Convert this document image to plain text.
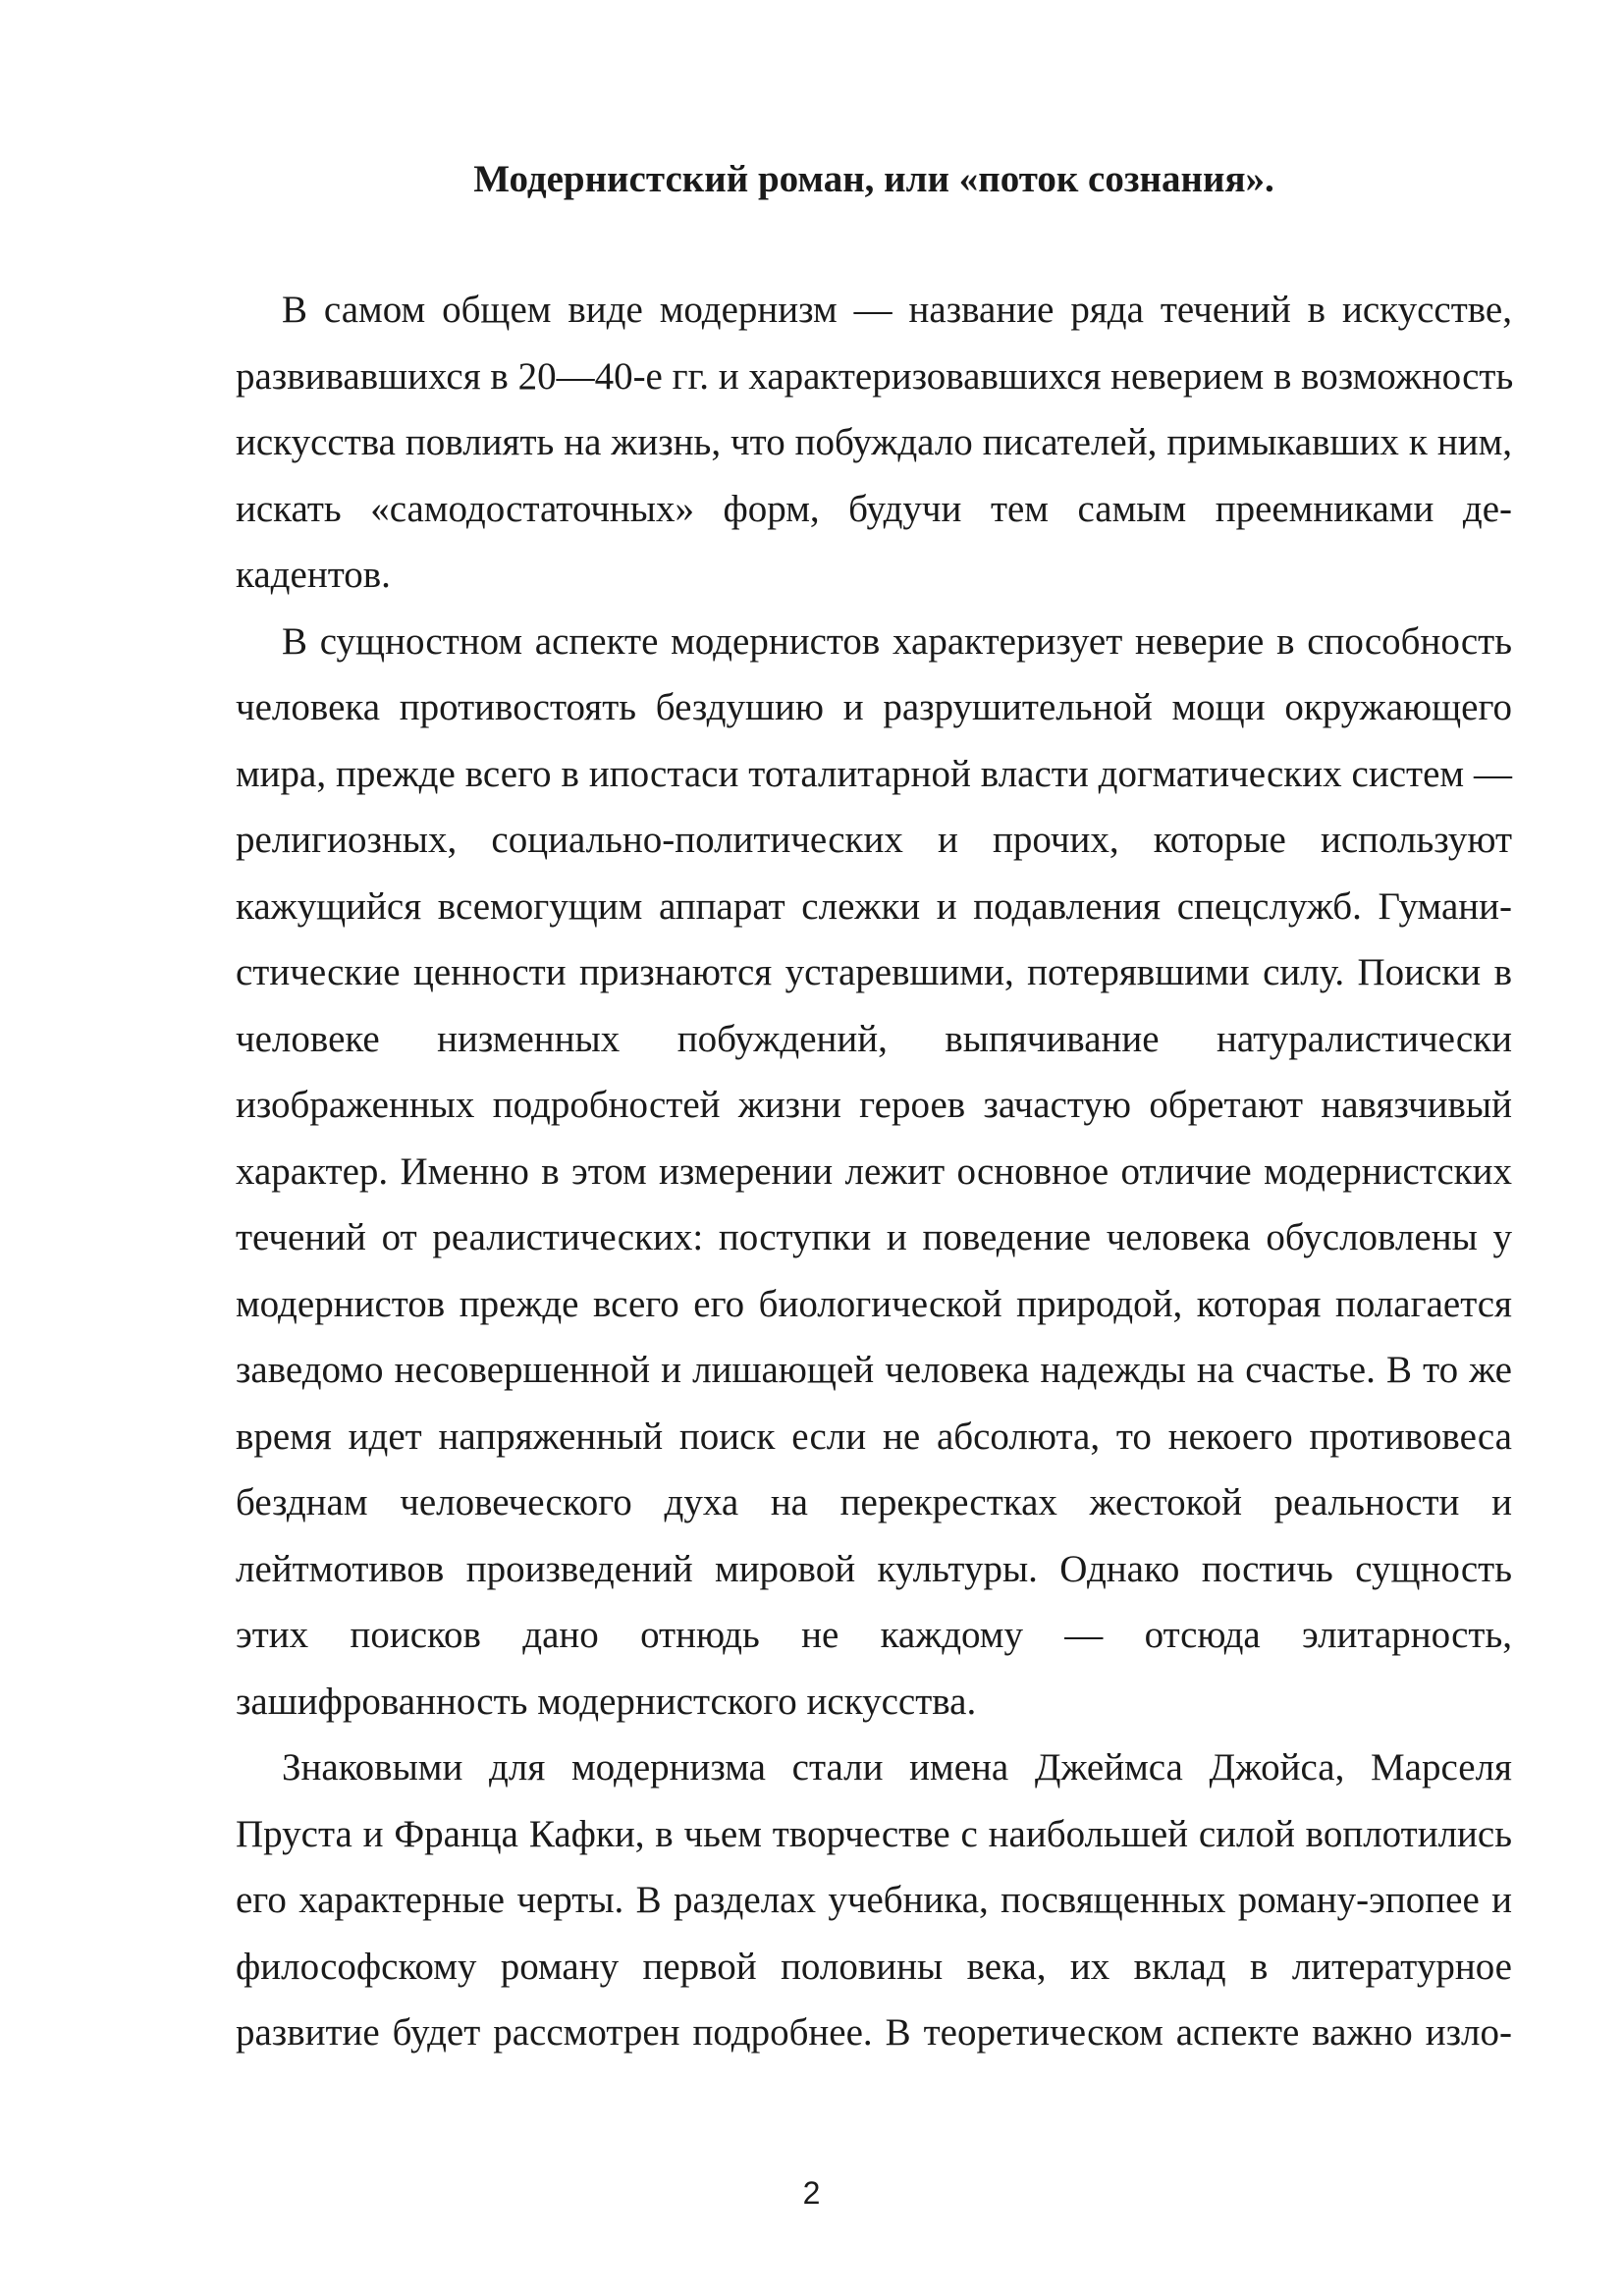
Модернистский роман, или «поток сознания».
В самом общем виде модернизм — название ряда течений в искусстве,
развивавшихся в 20—40-е гг. и характеризовавшихся неверием в возможность
искусства повлиять на жизнь, что побуждало писателей, примыкавших к ним,
искать «самодостаточных» форм, будучи тем самым преемниками де-
кадентов.
В сущностном аспекте модернистов характеризует неверие в способность
человека противостоять бездушию и разрушительной мощи окружающего
мира, прежде всего в ипостаси тоталитарной власти догматических систем —
религиозных, социально-политических и прочих, которые используют
кажущийся всемогущим аппарат слежки и подавления спецслужб. Гумани-
стические ценности признаются устаревшими, потерявшими силу. Поиски в
человеке низменных побуждений, выпячивание натуралистически
изображенных подробностей жизни героев зачастую обретают навязчивый
характер. Именно в этом измерении лежит основное отличие модернистских
течений от реалистических: поступки и поведение человека обусловлены у
модернистов прежде всего его биологической природой, которая полагается
заведомо несовершенной и лишающей человека надежды на счастье. В то же
время идет напряженный поиск если не абсолюта, то некоего противовеса
безднам человеческого духа на перекрестках жестокой реальности и
лейтмотивов произведений мировой культуры. Однако постичь сущность
этих поисков дано отнюдь не каждому — отсюда элитарность,
зашифрованность модернистского искусства.
Знаковыми для модернизма стали имена Джеймса Джойса, Марселя
Пруста и Франца Кафки, в чьем творчестве с наибольшей силой воплотились
его характерные черты. В разделах учебника, посвященных роману-эпопее и
философскому роману первой половины века, их вклад в литературное
развитие будет рассмотрен подробнее. В теоретическом аспекте важно изло-
2
